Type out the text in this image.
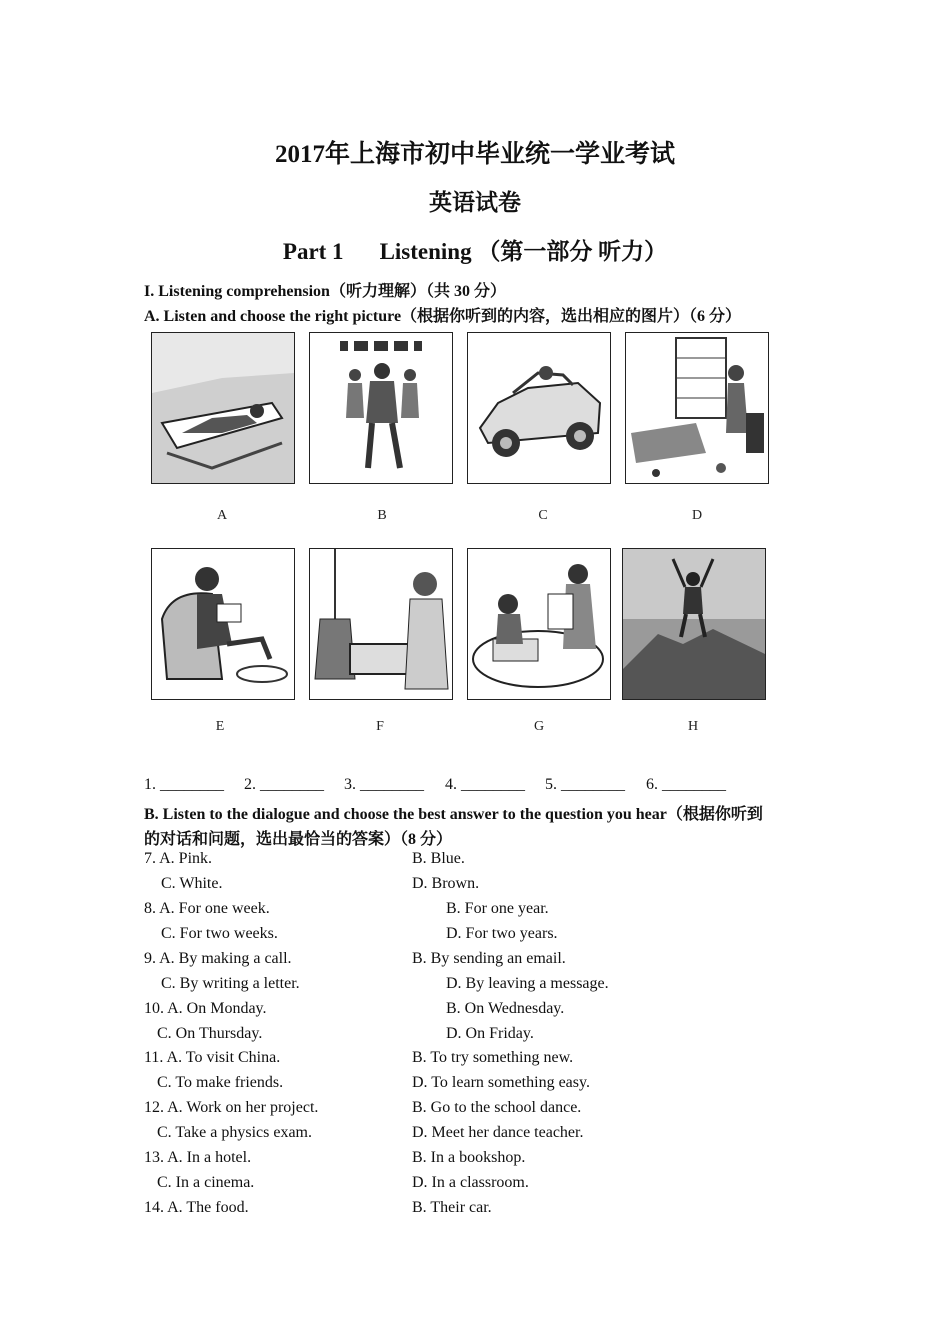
2017年上海市初中毕业统一学业考试
英语试卷
Part 1 Listening （第一部分 听力）
I. Listening comprehension（听力理解）（共 30 分）
A. Listen and choose the right picture（根据你听到的内容，选出相应的图片）（6 分）
A	B	C	D
E	F	G	H
1. ________ 2. ________ 3. ________ 4. ________ 5. ________ 6. ________
B. Listen to the dialogue and choose the best answer to the question you hear（根据你听到
的对话和问题，选出最恰当的答案）（8 分）
7. A. Pink.	B. Blue.
C. White.	D. Brown.
8. A. For one week.	B. For one year.
C. For two weeks.	D. For two years.
9. A. By making a call.	B. By sending an email.
C. By writing a letter.	D. By leaving a message.
10. A. On Monday.	B. On Wednesday.
C. On Thursday.	D. On Friday.
11. A. To visit China.	B. To try something new.
C. To make friends.	D. To learn something easy.
12. A. Work on her project.	B. Go to the school dance.
C. Take a physics exam.	D. Meet her dance teacher.
13. A. In a hotel.	B. In a bookshop.
C. In a cinema.	D. In a classroom.
14. A. The food.	B. Their car.
